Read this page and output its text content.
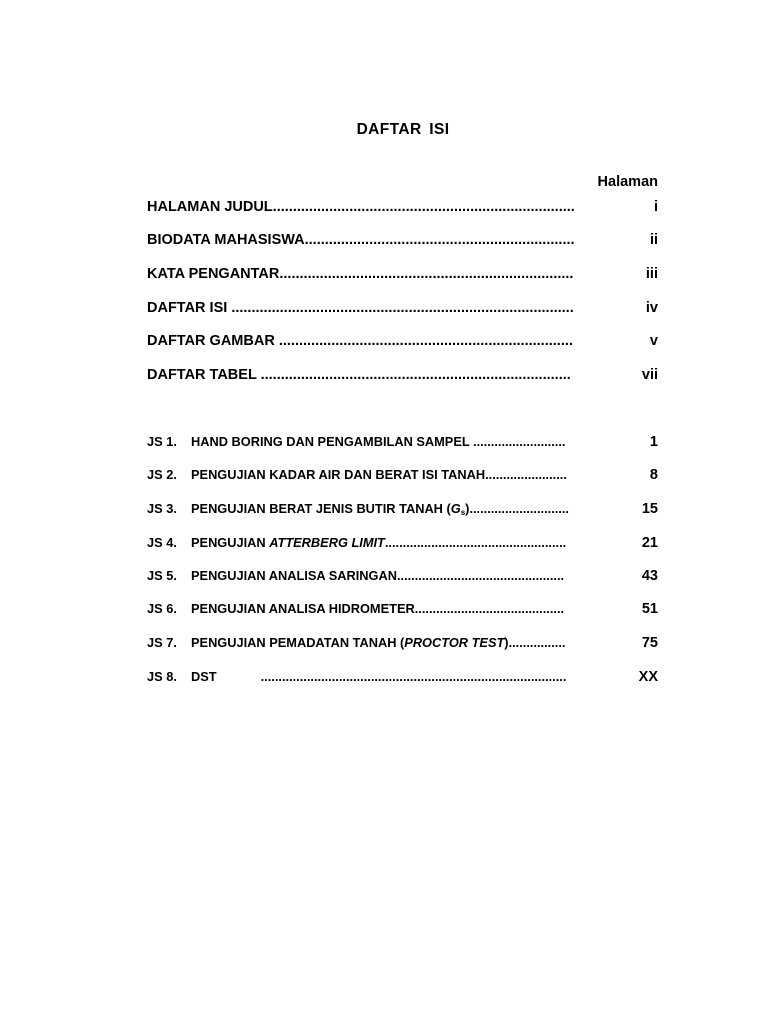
DAFTAR ISI
Halaman
HALAMAN JUDUL...........................................................................	i
BIODATA MAHASISWA...................................................................	ii
KATA PENGANTAR.........................................................................	iii
DAFTAR ISI .....................................................................................	iv
DAFTAR GAMBAR .........................................................................	v
DAFTAR TABEL .............................................................................	vii
JS 1. HAND BORING DAN PENGAMBILAN SAMPEL ..........................	1
JS 2. PENGUJIAN KADAR AIR DAN BERAT ISI TANAH.......................	8
JS 3. PENGUJIAN BERAT JENIS BUTIR TANAH $(G_s)$............................	15
JS 4. PENGUJIAN ATTERBERG LIMIT...................................................	21
JS 5. PENGUJIAN ANALISA SARINGAN...............................................	43
JS 6. PENGUJIAN ANALISA HIDROMETER..........................................	51
JS 7. PENGUJIAN PEMADATAN TANAH (PROCTOR TEST)................	75
JS 8. DST	......................................................................................	XX
